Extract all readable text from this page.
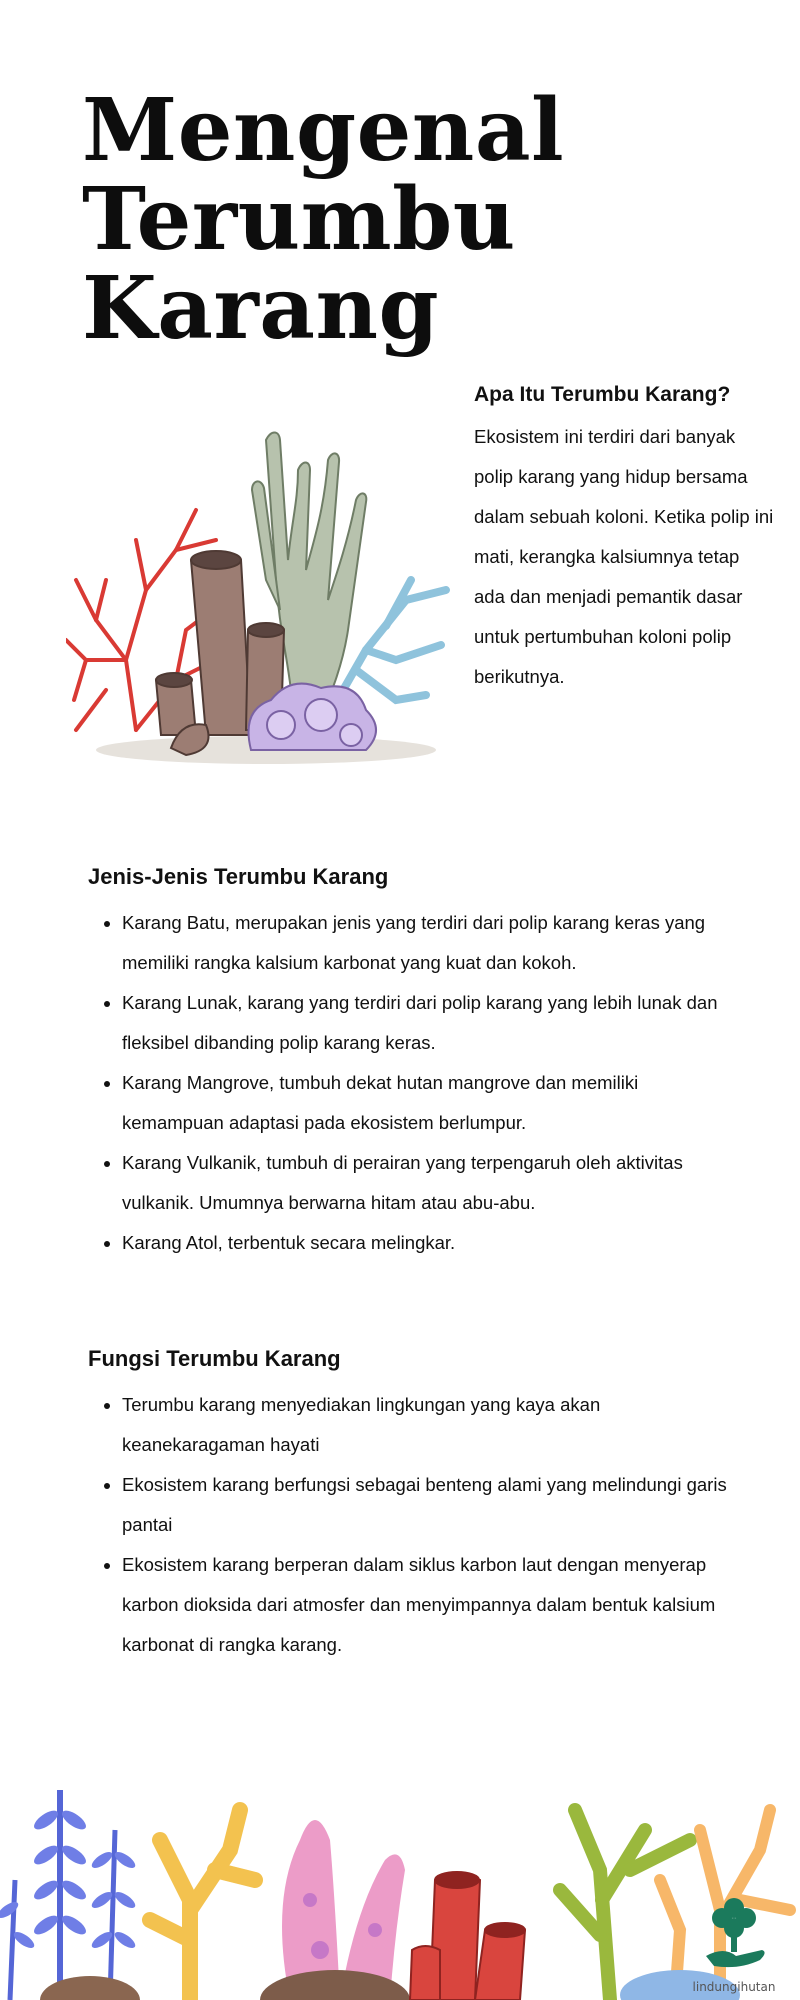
Mengenal
Terumbu
Karang
Apa Itu Terumbu Karang?

Ekosistem ini terdiri dari banyak polip karang yang hidup bersama dalam sebuah koloni. Ketika polip ini mati, kerangka kalsiumnya tetap ada dan menjadi pemantik dasar untuk pertumbuhan koloni polip berikutnya.

Jenis-Jenis Terumbu Karang
• Karang Batu, merupakan jenis yang terdiri dari polip karang keras yang memiliki rangka kalsium karbonat yang kuat dan kokoh.
• Karang Lunak, karang yang terdiri dari polip karang yang lebih lunak dan fleksibel dibanding polip karang keras.
• Karang Mangrove, tumbuh dekat hutan mangrove dan memiliki kemampuan adaptasi pada ekosistem berlumpur.
• Karang Vulkanik, tumbuh di perairan yang terpengaruh oleh aktivitas vulkanik. Umumnya berwarna hitam atau abu-abu.
• Karang Atol, terbentuk secara melingkar.
Fungsi Terumbu Karang
• Terumbu karang menyediakan lingkungan yang kaya akan keanekaragaman hayati
• Ekosistem karang berfungsi sebagai benteng alami yang melindungi garis pantai
• Ekosistem karang berperan dalam siklus karbon laut dengan menyerap karbon dioksida dari atmosfer dan menyimpannya dalam bentuk kalsium karbonat di rangka karang.
lindungihutan
